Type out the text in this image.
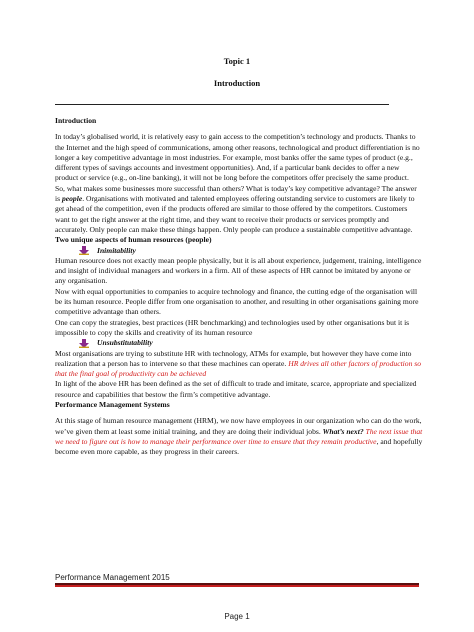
Topic 1
Introduction

Introduction

In today’s globalised world, it is relatively easy to gain access to the competition’s technology and products. Thanks to the Internet and the high speed of communications, among other reasons, technological and product differentiation is no longer a key competitive advantage in most industries. For example, most banks offer the same types of product (e.g., different types of savings accounts and investment opportunities). And, if a particular bank decides to offer a new product or service (e.g., on-line banking), it will not be long before the competitors offer precisely the same product.

So, what makes some businesses more successful than others? What is today’s key competitive advantage? The answer is people. Organisations with motivated and talented employees offering outstanding service to customers are likely to get ahead of the competition, even if the products offered are similar to those offered by the competitors. Customers want to get the right answer at the right time, and they want to receive their products or services promptly and accurately. Only people can make these things happen. Only people can produce a sustainable competitive advantage.

Two unique aspects of human resources (people)

Inimitability

Human resource does not exactly mean people physically, but it is all about experience, judgement, training, intelligence and insight of individual managers and workers in a firm. All of these aspects of HR cannot be imitated by anyone or any organisation.

Now with equal opportunities to companies to acquire technology and finance, the cutting edge of the organisation will be its human resource. People differ from one organisation to another, and resulting in other organisations gaining more competitive advantage than others.

One can copy the strategies, best practices (HR benchmarking) and technologies used by other organisations but it is impossible to copy the skills and creativity of its human resource

Unsubstitutability

Most organisations are trying to substitute HR with technology, ATMs for example, but however they have come into realization that a person has to intervene so that these machines can operate. HR drives all other factors of production so that the final goal of productivity can be achieved

In light of the above HR has been defined as the set of difficult to trade and imitate, scarce, appropriate and specialized resource and capabilities that bestow the firm’s competitive advantage.

Performance Management Systems

At this stage of human resource management (HRM), we now have employees in our organization who can do the work, we’ve given them at least some initial training, and they are doing their individual jobs. What’s next? The next issue that we need to figure out is how to manage their performance over time to ensure that they remain productive, and hopefully become even more capable, as they progress in their careers.

Performance Management 2015
Page 1
